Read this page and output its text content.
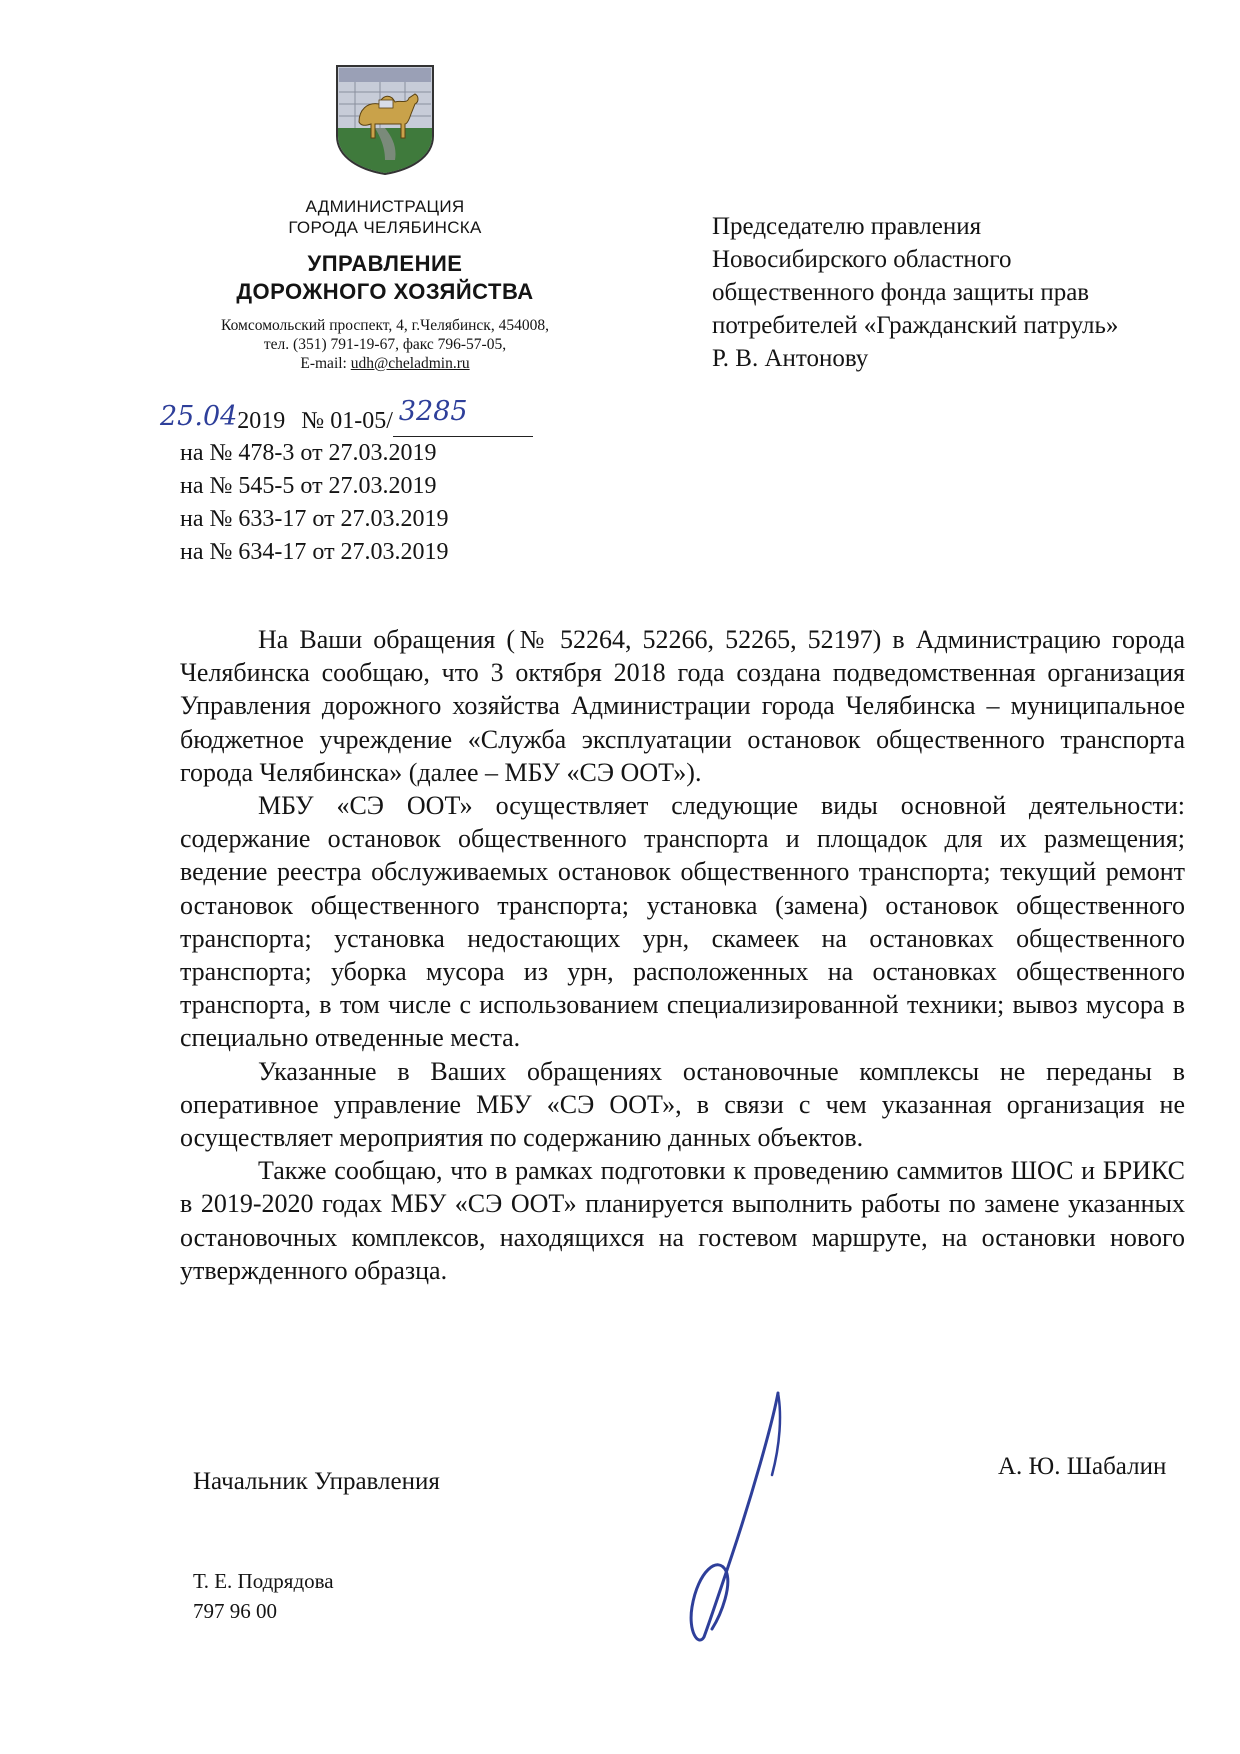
АДМИНИСТРАЦИЯ
ГОРОДА ЧЕЛЯБИНСКА
УПРАВЛЕНИЕ
ДОРОЖНОГО ХОЗЯЙСТВА
Комсомольский проспект, 4, г.Челябинск, 454008,
тел. (351) 791-19-67, факс 796-57-05,
E-mail: udh@cheladmin.ru
Председателю правления
Новосибирского областного
общественного фонда защиты прав
потребителей «Гражданский патруль»
Р. В. Антонову
25.042019 № 01-05/ 3285
на № 478-3 от 27.03.2019
на № 545-5 от 27.03.2019
на № 633-17 от 27.03.2019
на № 634-17 от 27.03.2019

На Ваши обращения (№ 52264, 52266, 52265, 52197) в Администрацию города Челябинска сообщаю, что 3 октября 2018 года создана подведомственная организация Управления дорожного хозяйства Администрации города Челябинска – муниципальное бюджетное учреждение «Служба эксплуатации остановок общественного транспорта города Челябинска» (далее – МБУ «СЭ ООТ»).

МБУ «СЭ ООТ» осуществляет следующие виды основной деятельности: содержание остановок общественного транспорта и площадок для их размещения; ведение реестра обслуживаемых остановок общественного транспорта; текущий ремонт остановок общественного транспорта; установка (замена) остановок общественного транспорта; установка недостающих урн, скамеек на остановках общественного транспорта; уборка мусора из урн, расположенных на остановках общественного транспорта, в том числе с использованием специализированной техники; вывоз мусора в специально отведенные места.

Указанные в Ваших обращениях остановочные комплексы не переданы в оперативное управление МБУ «СЭ ООТ», в связи с чем указанная организация не осуществляет мероприятия по содержанию данных объектов.

Также сообщаю, что в рамках подготовки к проведению саммитов ШОС и БРИКС в 2019-2020 годах МБУ «СЭ ООТ» планируется выполнить работы по замене указанных остановочных комплексов, находящихся на гостевом маршруте, на остановки нового утвержденного образца.

Начальник Управления
А. Ю. Шабалин
Т. Е. Подрядова
797 96 00
